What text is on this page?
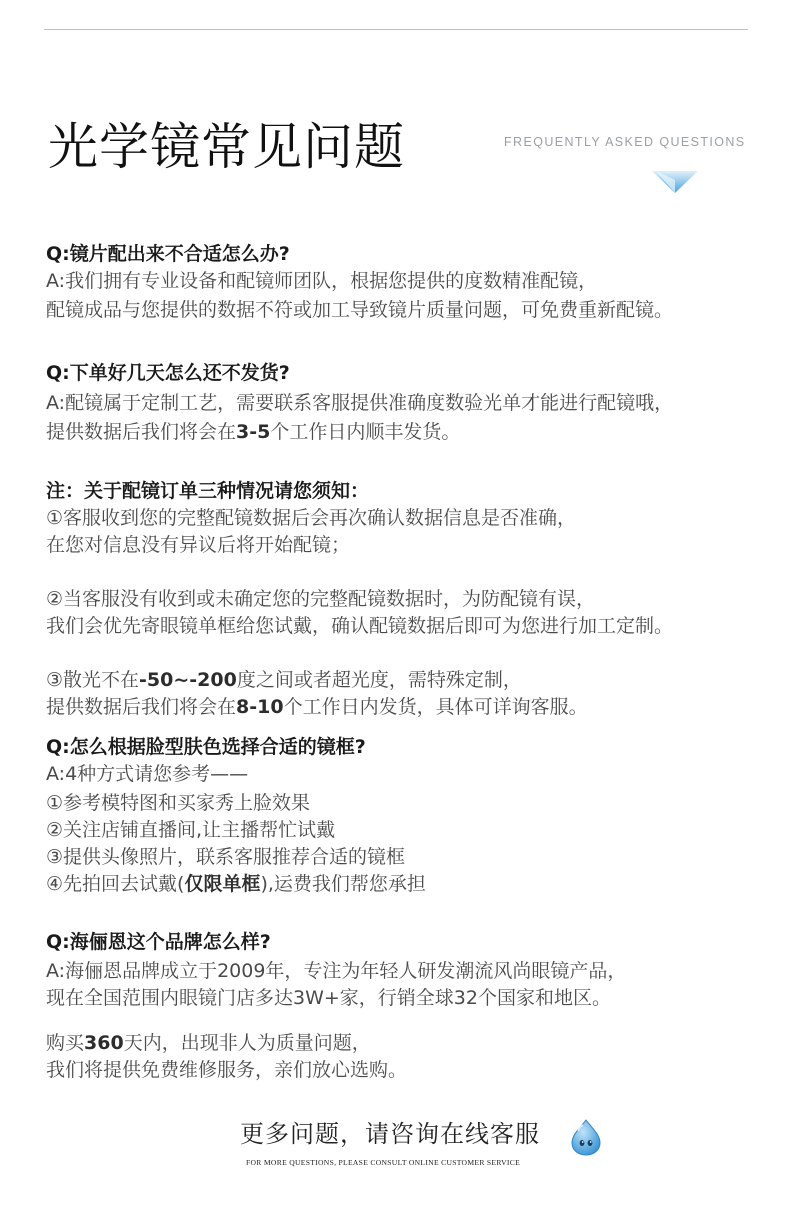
光学镜常见问题	FREQUENTLY ASKED QUESTIONS
Q:镜片配出来不合适怎么办?
A:我们拥有专业设备和配镜师团队，根据您提供的度数精准配镜，
配镜成品与您提供的数据不符或加工导致镜片质量问题，可免费重新配镜。
Q:下单好几天怎么还不发货?
A:配镜属于定制工艺，需要联系客服提供准确度数验光单才能进行配镜哦，
提供数据后我们将会在3-5个工作日内顺丰发货。
注：关于配镜订单三种情况请您须知：
①客服收到您的完整配镜数据后会再次确认数据信息是否准确，
在您对信息没有异议后将开始配镜；
②当客服没有收到或未确定您的完整配镜数据时，为防配镜有误，
我们会优先寄眼镜单框给您试戴，确认配镜数据后即可为您进行加工定制。
③散光不在-50~-200度之间或者超光度，需特殊定制，
提供数据后我们将会在8-10个工作日内发货，具体可详询客服。
Q:怎么根据脸型肤色选择合适的镜框?
A:4种方式请您参考——
①参考模特图和买家秀上脸效果
②关注店铺直播间,让主播帮忙试戴
③提供头像照片，联系客服推荐合适的镜框
④先拍回去试戴(仅限单框),运费我们帮您承担
Q:海俪恩这个品牌怎么样?
A:海俪恩品牌成立于2009年，专注为年轻人研发潮流风尚眼镜产品，
现在全国范围内眼镜门店多达3W+家，行销全球32个国家和地区。
购买360天内，出现非人为质量问题，
我们将提供免费维修服务，亲们放心选购。
更多问题，请咨询在线客服
FOR MORE QUESTIONS, PLEASE CONSULT ONLINE CUSTOMER SERVICE
